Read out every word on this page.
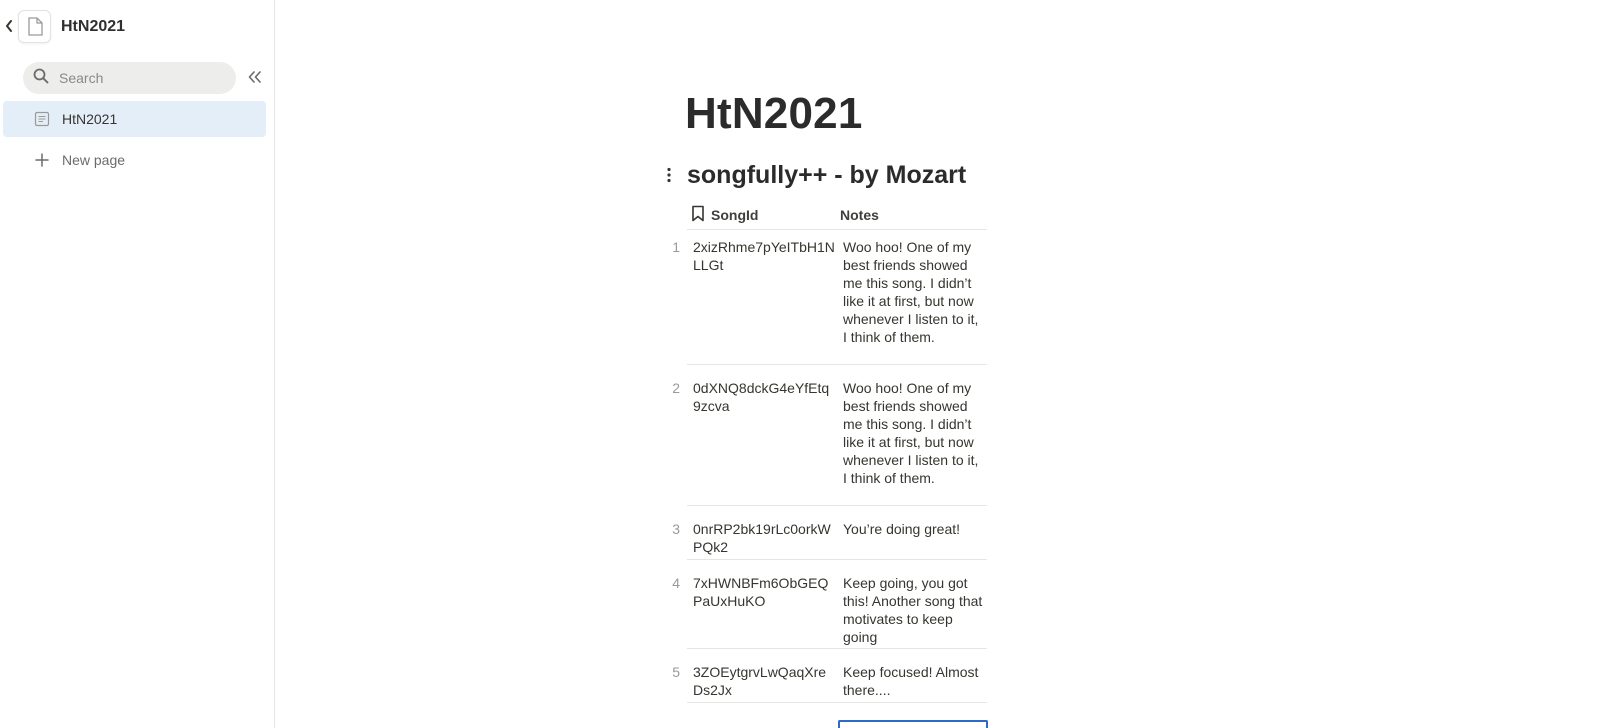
HtN2021
Search
HtN2021
New page
HtN2021
songfully++ - by Mozart
SongId	Notes
1 2xizRhme7pYeITbH1NLLGt
Woo hoo! One of my best friends showed me this song. I didn’t like it at first, but now whenever I listen to it, I think of them.
2 0dXNQ8dckG4eYfEtq9zcva
Woo hoo! One of my best friends showed me this song. I didn’t like it at first, but now whenever I listen to it, I think of them.
3 0nrRP2bk19rLc0orkWPQk2
You’re doing great!
4 7xHWNBFm6ObGEQPaUxHuKO
Keep going, you got this! Another song that motivates to keep going
5 3ZOEytgrvLwQaqXreDs2Jx
Keep focused! Almost there....
